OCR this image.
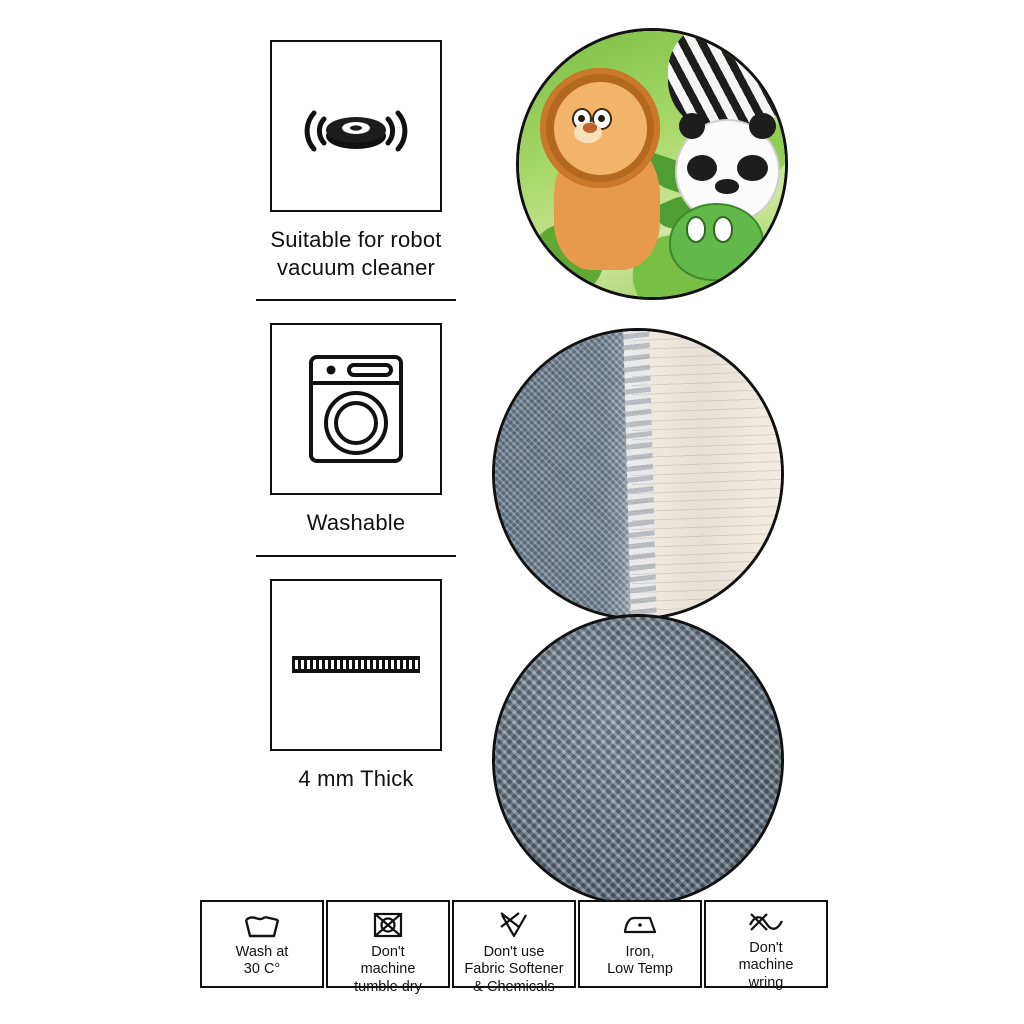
Suitable for robot
vacuum cleaner
Washable
4 mm Thick
Wash at
30 C°
Don't
machine
tumble dry
Don't use
Fabric Softener
& Chemicals
Iron,
Low Temp
Don't
machine
wring
